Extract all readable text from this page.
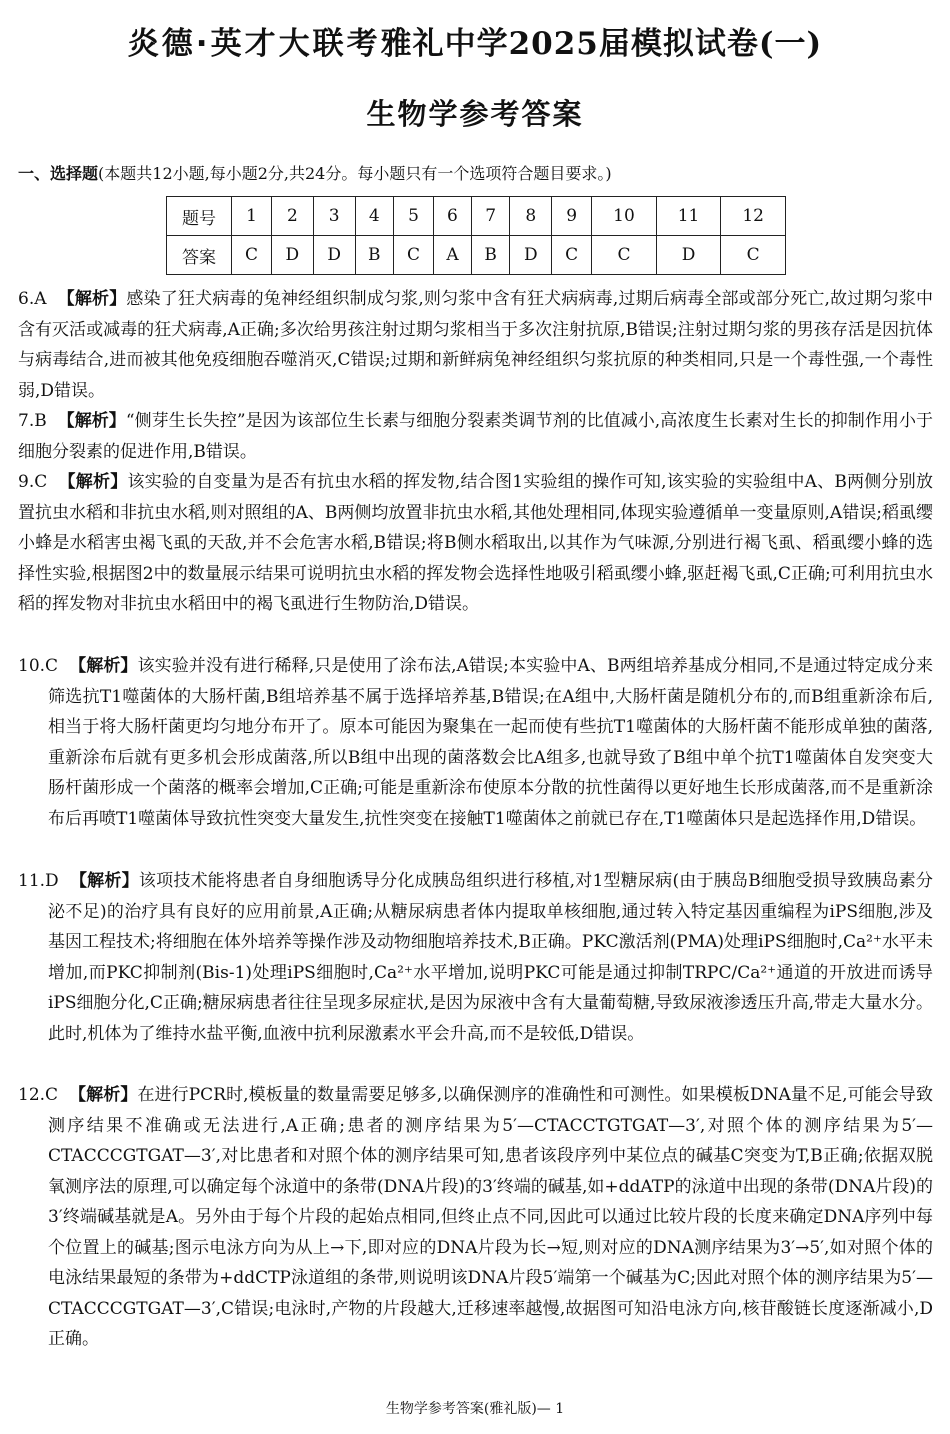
炎德·英才大联考雅礼中学2025届模拟试卷(一)
生物学参考答案
一、选择题(本题共12小题,每小题2分,共24分。每小题只有一个选项符合题目要求。)
题号	1	2	3	4	5	6	7	8	9	10	11	12
答案	C	D	D	B	C	A	B	D	C	C	D	C
6.A 【解析】感染了狂犬病毒的兔神经组织制成匀浆,则匀浆中含有狂犬病病毒,过期后病毒全部或部分死亡,故过期匀浆中含有灭活或减毒的狂犬病毒,A正确;多次给男孩注射过期匀浆相当于多次注射抗原,B错误;注射过期匀浆的男孩存活是因抗体与病毒结合,进而被其他免疫细胞吞噬消灭,C错误;过期和新鲜病兔神经组织匀浆抗原的种类相同,只是一个毒性强,一个毒性弱,D错误。
7.B 【解析】“侧芽生长失控”是因为该部位生长素与细胞分裂素类调节剂的比值减小,高浓度生长素对生长的抑制作用小于细胞分裂素的促进作用,B错误。
9.C 【解析】该实验的自变量为是否有抗虫水稻的挥发物,结合图1实验组的操作可知,该实验的实验组中A、B两侧分别放置抗虫水稻和非抗虫水稻,则对照组的A、B两侧均放置非抗虫水稻,其他处理相同,体现实验遵循单一变量原则,A错误;稻虱缨小蜂是水稻害虫褐飞虱的天敌,并不会危害水稻,B错误;将B侧水稻取出,以其作为气味源,分别进行褐飞虱、稻虱缨小蜂的选择性实验,根据图2中的数量展示结果可说明抗虫水稻的挥发物会选择性地吸引稻虱缨小蜂,驱赶褐飞虱,C正确;可利用抗虫水稻的挥发物对非抗虫水稻田中的褐飞虱进行生物防治,D错误。
10.C 【解析】该实验并没有进行稀释,只是使用了涂布法,A错误;本实验中A、B两组培养基成分相同,不是通过特定成分来筛选抗T1噬菌体的大肠杆菌,B组培养基不属于选择培养基,B错误;在A组中,大肠杆菌是随机分布的,而B组重新涂布后,相当于将大肠杆菌更均匀地分布开了。原本可能因为聚集在一起而使有些抗T1噬菌体的大肠杆菌不能形成单独的菌落,重新涂布后就有更多机会形成菌落,所以B组中出现的菌落数会比A组多,也就导致了B组中单个抗T1噬菌体自发突变大肠杆菌形成一个菌落的概率会增加,C正确;可能是重新涂布使原本分散的抗性菌得以更好地生长形成菌落,而不是重新涂布后再喷T1噬菌体导致抗性突变大量发生,抗性突变在接触T1噬菌体之前就已存在,T1噬菌体只是起选择作用,D错误。
11.D 【解析】该项技术能将患者自身细胞诱导分化成胰岛组织进行移植,对1型糖尿病(由于胰岛B细胞受损导致胰岛素分泌不足)的治疗具有良好的应用前景,A正确;从糖尿病患者体内提取单核细胞,通过转入特定基因重编程为iPS细胞,涉及基因工程技术;将细胞在体外培养等操作涉及动物细胞培养技术,B正确。PKC激活剂(PMA)处理iPS细胞时,Ca²⁺水平未增加,而PKC抑制剂(Bis-1)处理iPS细胞时,Ca²⁺水平增加,说明PKC可能是通过抑制TRPC/Ca²⁺通道的开放进而诱导iPS细胞分化,C正确;糖尿病患者往往呈现多尿症状,是因为尿液中含有大量葡萄糖,导致尿液渗透压升高,带走大量水分。此时,机体为了维持水盐平衡,血液中抗利尿激素水平会升高,而不是较低,D错误。
12.C 【解析】在进行PCR时,模板量的数量需要足够多,以确保测序的准确性和可测性。如果模板DNA量不足,可能会导致测序结果不准确或无法进行,A正确;患者的测序结果为5′—CTACCTGTGAT—3′,对照个体的测序结果为5′—CTACCCGTGAT—3′,对比患者和对照个体的测序结果可知,患者该段序列中某位点的碱基C突变为T,B正确;依据双脱氧测序法的原理,可以确定每个泳道中的条带(DNA片段)的3′终端的碱基,如+ddATP的泳道中出现的条带(DNA片段)的3′终端碱基就是A。另外由于每个片段的起始点相同,但终止点不同,因此可以通过比较片段的长度来确定DNA序列中每个位置上的碱基;图示电泳方向为从上→下,即对应的DNA片段为长→短,则对应的DNA测序结果为3′→5′,如对照个体的电泳结果最短的条带为+ddCTP泳道组的条带,则说明该DNA片段5′端第一个碱基为C;因此对照个体的测序结果为5′—CTACCCGTGAT—3′,C错误;电泳时,产物的片段越大,迁移速率越慢,故据图可知沿电泳方向,核苷酸链长度逐渐减小,D正确。
生物学参考答案(雅礼版)— 1
